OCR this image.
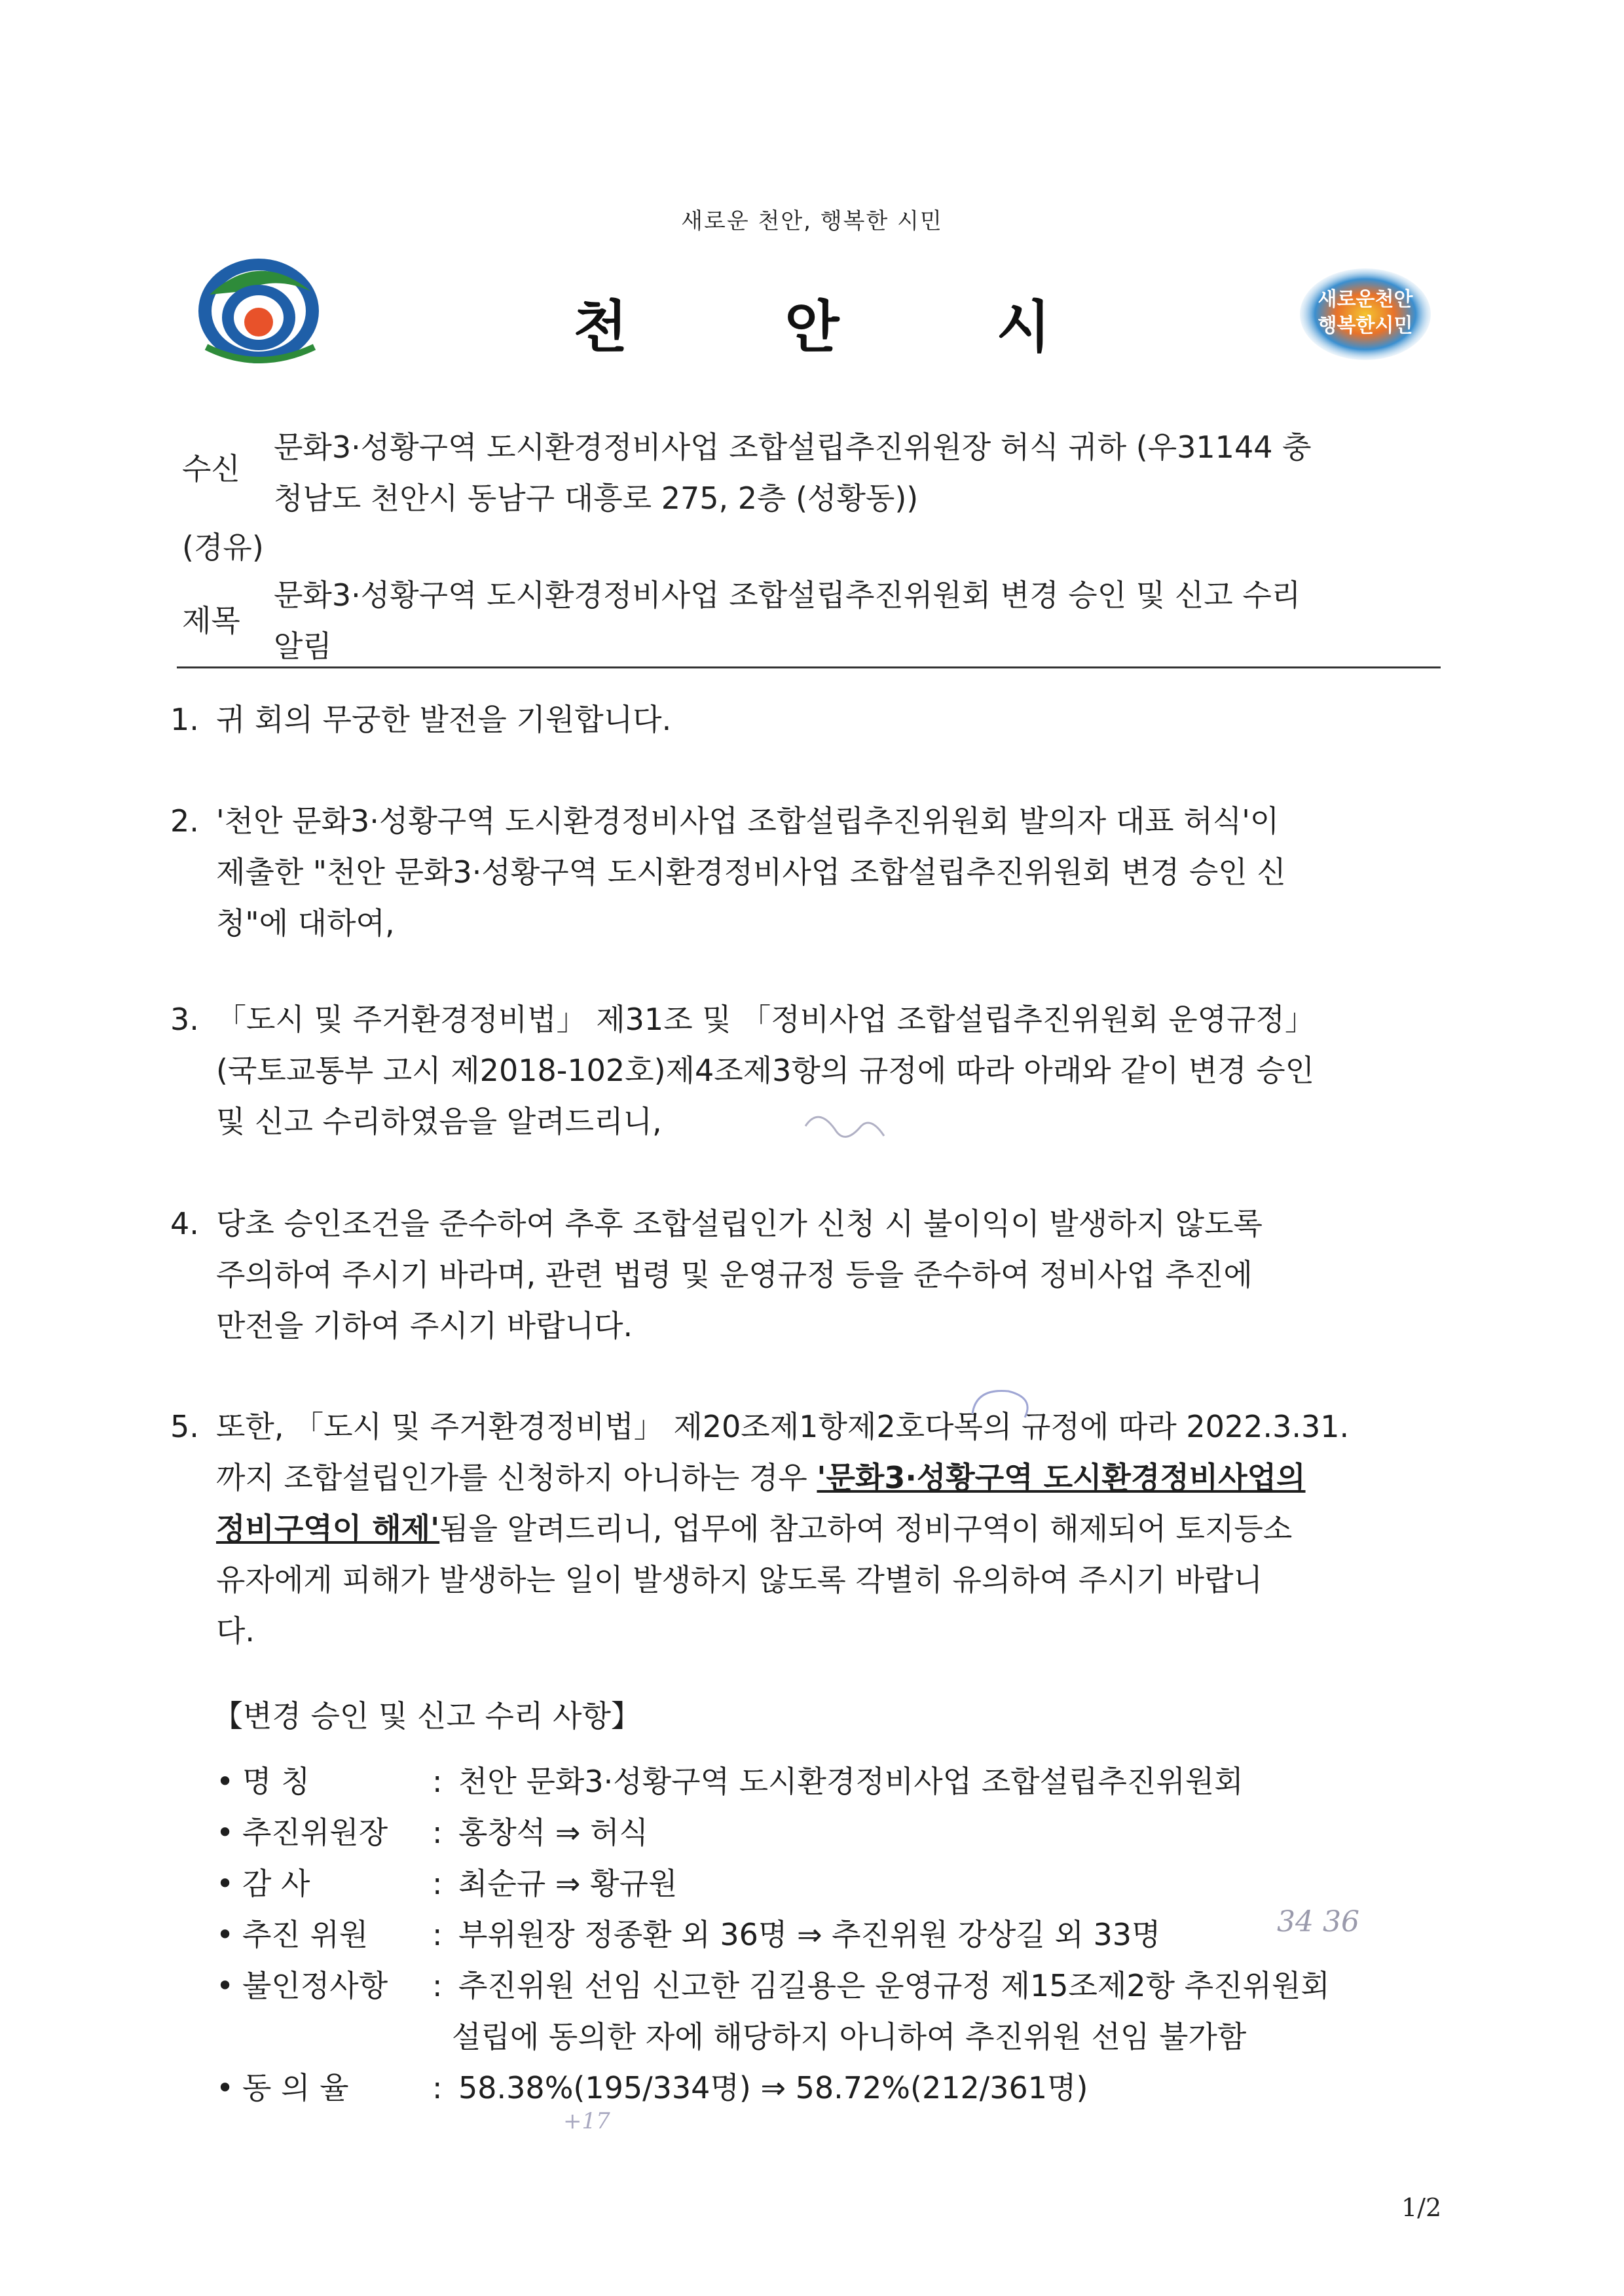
새로운 천안, 행복한 시민
천	안	시	새로운천안
행복한시민
수신
문화3·성황구역 도시환경정비사업 조합설립추진위원장 허식 귀하 (우31144 충
청남도 천안시 동남구 대흥로 275, 2층 (성황동))
(경유)
제목
문화3·성황구역 도시환경정비사업 조합설립추진위원회 변경 승인 및 신고 수리
알림
1. 귀 회의 무궁한 발전을 기원합니다.
2. '천안 문화3·성황구역 도시환경정비사업 조합설립추진위원회 발의자 대표 허식'이
제출한 "천안 문화3·성황구역 도시환경정비사업 조합설립추진위원회 변경 승인 신
청"에 대하여,
3. 「도시 및 주거환경정비법」 제31조 및 「정비사업 조합설립추진위원회 운영규정」
(국토교통부 고시 제2018-102호)제4조제3항의 규정에 따라 아래와 같이 변경 승인
및 신고 수리하였음을 알려드리니,
4. 당초 승인조건을 준수하여 추후 조합설립인가 신청 시 불이익이 발생하지 않도록
주의하여 주시기 바라며, 관련 법령 및 운영규정 등을 준수하여 정비사업 추진에
만전을 기하여 주시기 바랍니다.
5. 또한, 「도시 및 주거환경정비법」 제20조제1항제2호다목의 규정에 따라 2022.3.31.
까지 조합설립인가를 신청하지 아니하는 경우 '문화3·성황구역 도시환경정비사업의
정비구역이 해제'됨을 알려드리니, 업무에 참고하여 정비구역이 해제되어 토지등소
유자에게 피해가 발생하는 일이 발생하지 않도록 각별히 유의하여 주시기 바랍니
다.
【변경 승인 및 신고 수리 사항】
• 명 칭	: 천안 문화3·성황구역 도시환경정비사업 조합설립추진위원회
• 추진위원장 : 홍창석 ⇒ 허식
• 감 사	: 최순규 ⇒ 황규원
• 추진 위원 : 부위원장 정종환 외 36명 ⇒ 추진위원 강상길 외 33명
• 불인정사항 : 추진위원 선임 신고한 김길용은 운영규정 제15조제2항 추진위원회
설립에 동의한 자에 해당하지 아니하여 추진위원 선임 불가함
• 동 의 율	: 58.38%(195/334명) ⇒ 58.72%(212/361명)
34 36
+17
1/2
